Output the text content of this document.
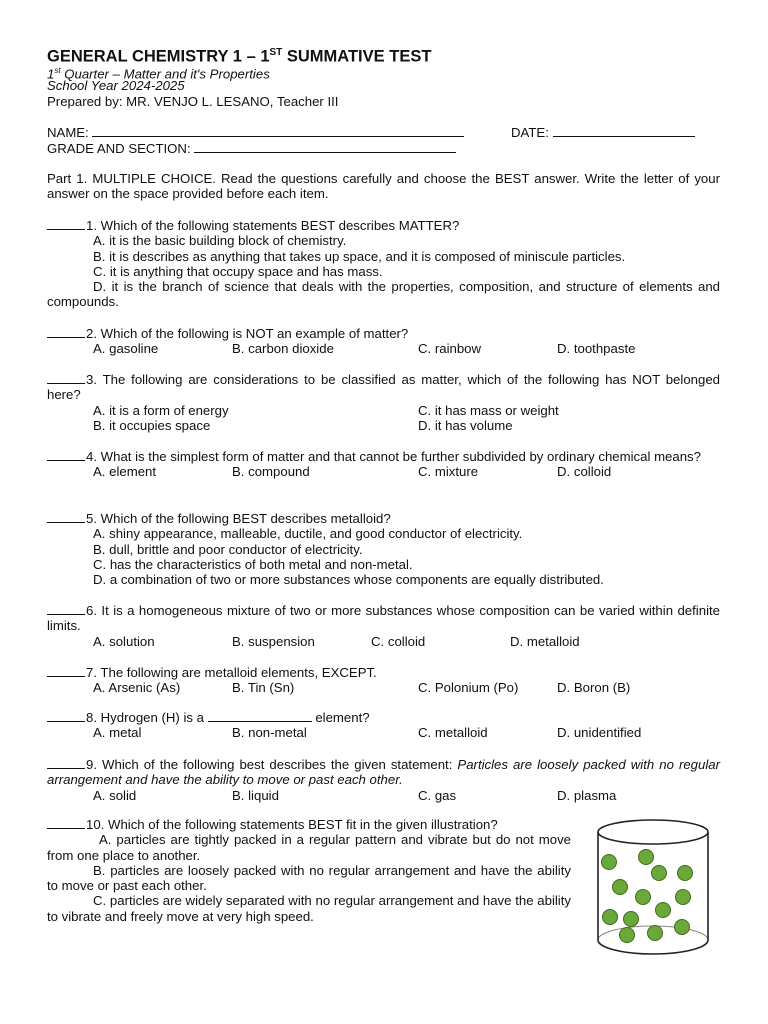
GENERAL CHEMISTRY 1 – 1ST SUMMATIVE TEST
1st Quarter – Matter and it's Properties
School Year 2024-2025
Prepared by: MR. VENJO L. LESANO, Teacher III
NAME:	DATE:
GRADE AND SECTION:
Part 1. MULTIPLE CHOICE. Read the questions carefully and choose the BEST answer. Write the letter of your answer on the space provided before each item.
1. Which of the following statements BEST describes MATTER?
A. it is the basic building block of chemistry.
B. it is describes as anything that takes up space, and it is composed of miniscule particles.
C. it is anything that occupy space and has mass.
D. it is the branch of science that deals with the properties, composition, and structure of elements and compounds.
2. Which of the following is NOT an example of matter?
A. gasoline	B. carbon dioxide	C. rainbow	D. toothpaste
3. The following are considerations to be classified as matter, which of the following has NOT belonged here?
A. it is a form of energy	C. it has mass or weight
B. it occupies space	D. it has volume
4. What is the simplest form of matter and that cannot be further subdivided by ordinary chemical means?
A. element	B. compound	C. mixture	D. colloid
5. Which of the following BEST describes metalloid?
A. shiny appearance, malleable, ductile, and good conductor of electricity.
B. dull, brittle and poor conductor of electricity.
C. has the characteristics of both metal and non-metal.
D. a combination of two or more substances whose components are equally distributed.
6. It is a homogeneous mixture of two or more substances whose composition can be varied within definite limits.
A. solution	B. suspension	C. colloid	D. metalloid
7. The following are metalloid elements, EXCEPT.
A. Arsenic (As)	B. Tin (Sn)	C. Polonium (Po)	D. Boron (B)
8. Hydrogen (H) is a	element?
A. metal	B. non-metal	C. metalloid	D. unidentified
9. Which of the following best describes the given statement: Particles are loosely packed with no regular arrangement and have the ability to move or past each other.
A. solid	B. liquid	C. gas	D. plasma
10. Which of the following statements BEST fit in the given illustration?
A. particles are tightly packed in a regular pattern and vibrate but do not move from one place to another.
B. particles are loosely packed with no regular arrangement and have the ability to move or past each other.
C. particles are widely separated with no regular arrangement and have the ability to vibrate and freely move at very high speed.
